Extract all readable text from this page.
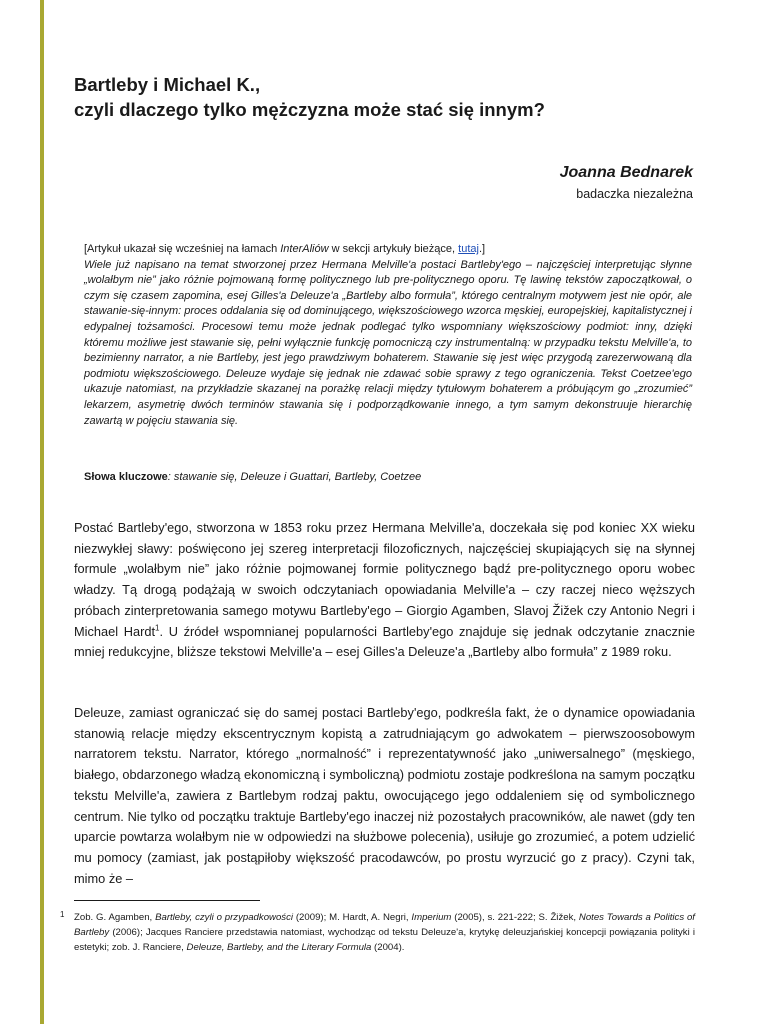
Bartleby i Michael K.,
czyli dlaczego tylko mężczyzna może stać się innym?
Joanna Bednarek
badaczka niezależna
[Artykuł ukazał się wcześniej na łamach InterAliów w sekcji artykuły bieżące, tutaj.]
Wiele już napisano na temat stworzonej przez Hermana Melville'a postaci Bartleby'ego – najczęściej interpretując słynne „wolałbym nie” jako różnie pojmowaną formę politycznego lub pre-politycznego oporu. Tę lawinę tekstów zapoczątkował, o czym się czasem zapomina, esej Gilles'a Deleuze'a „Bartleby albo formuła”, którego centralnym motywem jest nie opór, ale stawanie-się-innym: proces oddalania się od dominującego, większościowego wzorca męskiej, europejskiej, kapitalistycznej i edypalnej tożsamości. Procesowi temu może jednak podlegać tylko wspomniany większościowy podmiot: inny, dzięki któremu możliwe jest stawanie się, pełni wyłącznie funkcję pomocniczą czy instrumentalną: w przypadku tekstu Melville'a, to bezimienny narrator, a nie Bartleby, jest jego prawdziwym bohaterem. Stawanie się jest więc przygodą zarezerwowaną dla podmiotu większościowego. Deleuze wydaje się jednak nie zdawać sobie sprawy z tego ograniczenia. Tekst Coetzee'ego ukazuje natomiast, na przykładzie skazanej na porażkę relacji między tytułowym bohaterem a próbującym go „zrozumieć” lekarzem, asymetrię dwóch terminów stawania się i podporządkowanie innego, a tym samym dekonstruuje hierarchię zawartą w pojęciu stawania się.
Słowa kluczowe: stawanie się, Deleuze i Guattari, Bartleby, Coetzee
Postać Bartleby'ego, stworzona w 1853 roku przez Hermana Melville'a, doczekała się pod koniec XX wieku niezwykłej sławy: poświęcono jej szereg interpretacji filozoficznych, najczęściej skupiających się na słynnej formule „wolałbym nie” jako różnie pojmowanej formie politycznego bądź pre-politycznego oporu wobec władzy. Tą drogą podążają w swoich odczytaniach opowiadania Melville'a – czy raczej nieco węższych próbach zinterpretowania samego motywu Bartleby'ego – Giorgio Agamben, Slavoj Žižek czy Antonio Negri i Michael Hardt$^1$. U źródeł wspomnianej popularności Bartleby'ego znajduje się jednak odczytanie znacznie mniej redukcyjne, bliższe tekstowi Melville'a – esej Gilles'a Deleuze'a „Bartleby albo formuła” z 1989 roku.
Deleuze, zamiast ograniczać się do samej postaci Bartleby'ego, podkreśla fakt, że o dynamice opowiadania stanowią relacje między ekscentrycznym kopistą a zatrudniającym go adwokatem – pierwszoosobowym narratorem tekstu. Narrator, którego „normalność” i reprezentatywność jako „uniwersalnego” (męskiego, białego, obdarzonego władzą ekonomiczną i symboliczną) podmiotu zostaje podkreślona na samym początku tekstu Melville'a, zawiera z Bartlebym rodzaj paktu, owocującego jego oddaleniem się od symbolicznego centrum. Nie tylko od początku traktuje Bartleby'ego inaczej niż pozostałych pracowników, ale nawet (gdy ten uparcie powtarza wolałbym nie w odpowiedzi na służbowe polecenia), usiłuje go zrozumieć, a potem udzielić mu pomocy (zamiast, jak postąpiłoby większość pracodawców, po prostu wyrzucić go z pracy). Czyni tak, mimo że –
1 Zob. G. Agamben, Bartleby, czyli o przypadkowości (2009); M. Hardt, A. Negri, Imperium (2005), s. 221-222; S. Žižek, Notes Towards a Politics of Bartleby (2006); Jacques Ranciere przedstawia natomiast, wychodząc od tekstu Deleuze'a, krytykę deleuzjańskiej koncepcji powiązania polityki i estetyki; zob. J. Ranciere, Deleuze, Bartleby, and the Literary Formula (2004).
